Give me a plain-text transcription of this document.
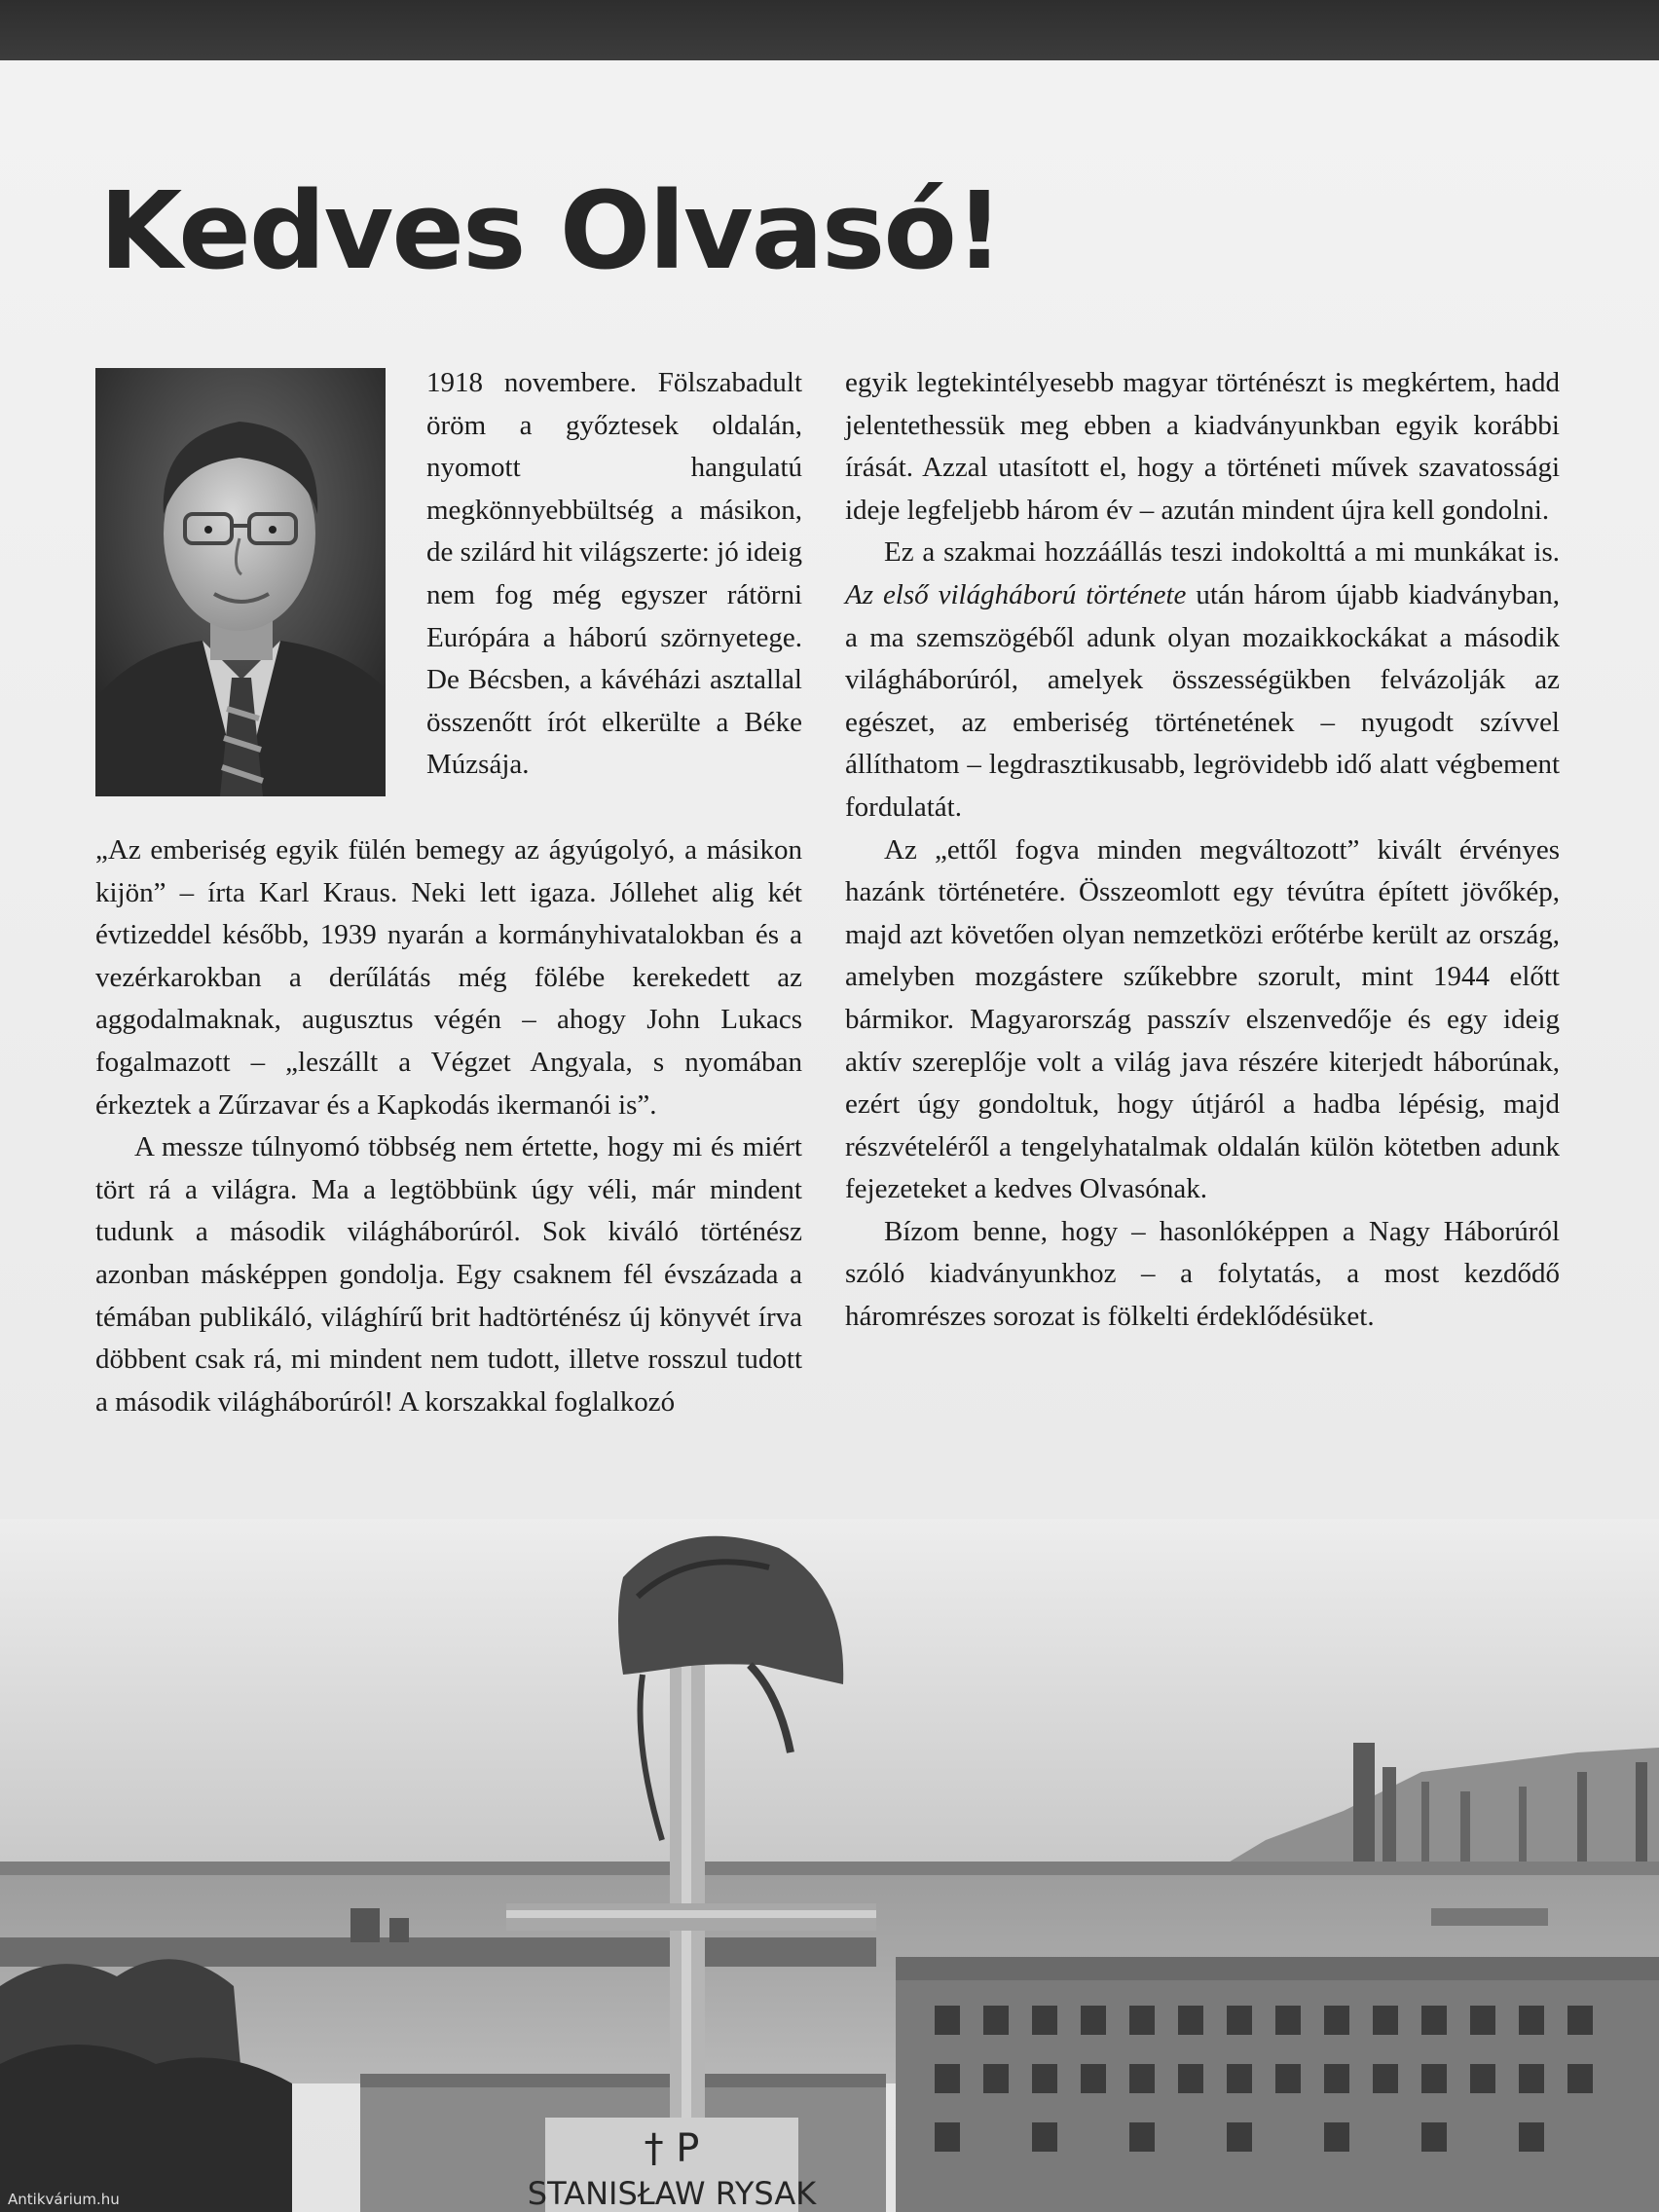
Kedves Olvasó!

1918 novembere. Fölszabadult öröm a győztesek oldalán, nyomott hangulatú megkönnyebbültség a másikon, de szilárd hit világszerte: jó ideig nem fog még egyszer rátörni Európára a háború szörnyetege. De Bécsben, a kávéházi asztallal összenőtt írót elkerülte a Béke Múzsája.

„Az emberiség egyik fülén bemegy az ágyúgolyó, a másikon kijön” – írta Karl Kraus. Neki lett igaza. Jóllehet alig két évtizeddel később, 1939 nyarán a kormányhivatalokban és a vezérkarokban a derűlátás még fölébe kerekedett az aggodalmaknak, augusztus végén – ahogy John Lukacs fogalmazott – „leszállt a Végzet Angyala, s nyomában érkeztek a Zűrzavar és a Kapkodás ikermanói is”.

A messze túlnyomó többség nem értette, hogy mi és miért tört rá a világra. Ma a legtöbbünk úgy véli, már mindent tudunk a második világháborúról. Sok kiváló történész azonban másképpen gondolja. Egy csaknem fél évszázada a témában publikáló, világhírű brit hadtörténész új könyvét írva döbbent csak rá, mi mindent nem tudott, illetve rosszul tudott a második világháborúról! A korszakkal foglalkozó

egyik legtekintélyesebb magyar történészt is megkértem, hadd jelentethessük meg ebben a kiadványunkban egyik korábbi írását. Azzal utasított el, hogy a történeti művek szavatossági ideje legfeljebb három év – azután mindent újra kell gondolni.

Ez a szakmai hozzáállás teszi indokolttá a mi munkákat is. Az első világháború története után három újabb kiadványban, a ma szemszögéből adunk olyan mozaikkockákat a második világháborúról, amelyek összességükben felvázolják az egészet, az emberiség történetének – nyugodt szívvel állíthatom – legdrasztikusabb, legrövidebb idő alatt végbement fordulatát.

Az „ettől fogva minden megváltozott” kivált érvényes hazánk történetére. Összeomlott egy tévútra épített jövőkép, majd azt követően olyan nemzetközi erőtérbe került az ország, amelyben mozgástere szűkebbre szorult, mint 1944 előtt bármikor. Magyarország passzív elszenvedője és egy ideig aktív szereplője volt a világ java részére kiterjedt háborúnak, ezért úgy gondoltuk, hogy útjáról a hadba lépésig, majd részvételéről a tengelyhatalmak oldalán külön kötetben adunk fejezeteket a kedves Olvasónak.

Bízom benne, hogy – hasonlóképpen a Nagy Háborúról szóló kiadványunkhoz – a folytatás, a most kezdődő háromrészes sorozat is fölkelti érdeklődésüket.

† P
STANISŁAW RYSAK
Antikvárium.hu
